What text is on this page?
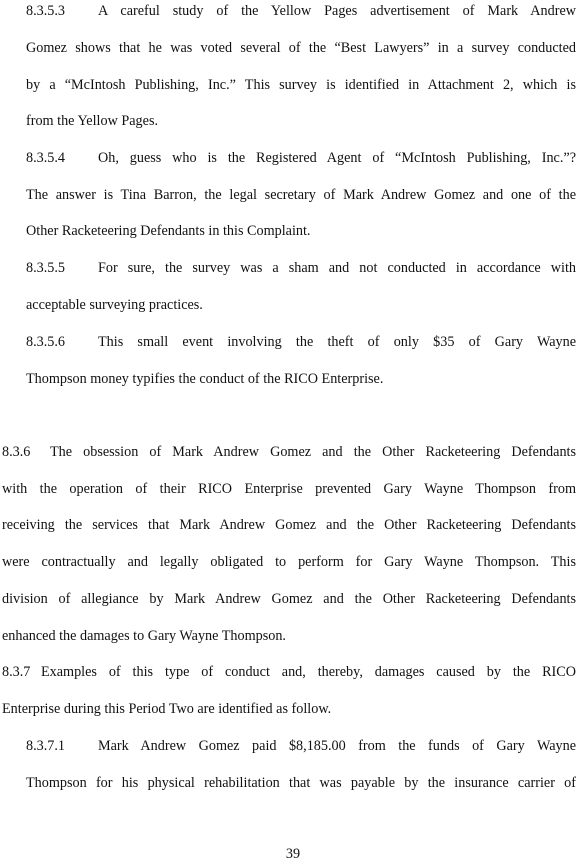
8.3.5.3 A careful study of the Yellow Pages advertisement of Mark Andrew
Gomez shows that he was voted several of the “Best Lawyers” in a survey conducted
by a “McIntosh Publishing, Inc.” This survey is identified in Attachment 2, which is
from the Yellow Pages.
8.3.5.4 Oh, guess who is the Registered Agent of “McIntosh Publishing, Inc.”?
The answer is Tina Barron, the legal secretary of Mark Andrew Gomez and one of the
Other Racketeering Defendants in this Complaint.
8.3.5.5 For sure, the survey was a sham and not conducted in accordance with
acceptable surveying practices.
8.3.5.6 This small event involving the theft of only $35 of Gary Wayne
Thompson money typifies the conduct of the RICO Enterprise.
8.3.6 The obsession of Mark Andrew Gomez and the Other Racketeering Defendants
with the operation of their RICO Enterprise prevented Gary Wayne Thompson from
receiving the services that Mark Andrew Gomez and the Other Racketeering Defendants
were contractually and legally obligated to perform for Gary Wayne Thompson. This
division of allegiance by Mark Andrew Gomez and the Other Racketeering Defendants
enhanced the damages to Gary Wayne Thompson.
8.3.7 Examples of this type of conduct and, thereby, damages caused by the RICO
Enterprise during this Period Two are identified as follow.
8.3.7.1 Mark Andrew Gomez paid $8,185.00 from the funds of Gary Wayne
Thompson for his physical rehabilitation that was payable by the insurance carrier of
39
